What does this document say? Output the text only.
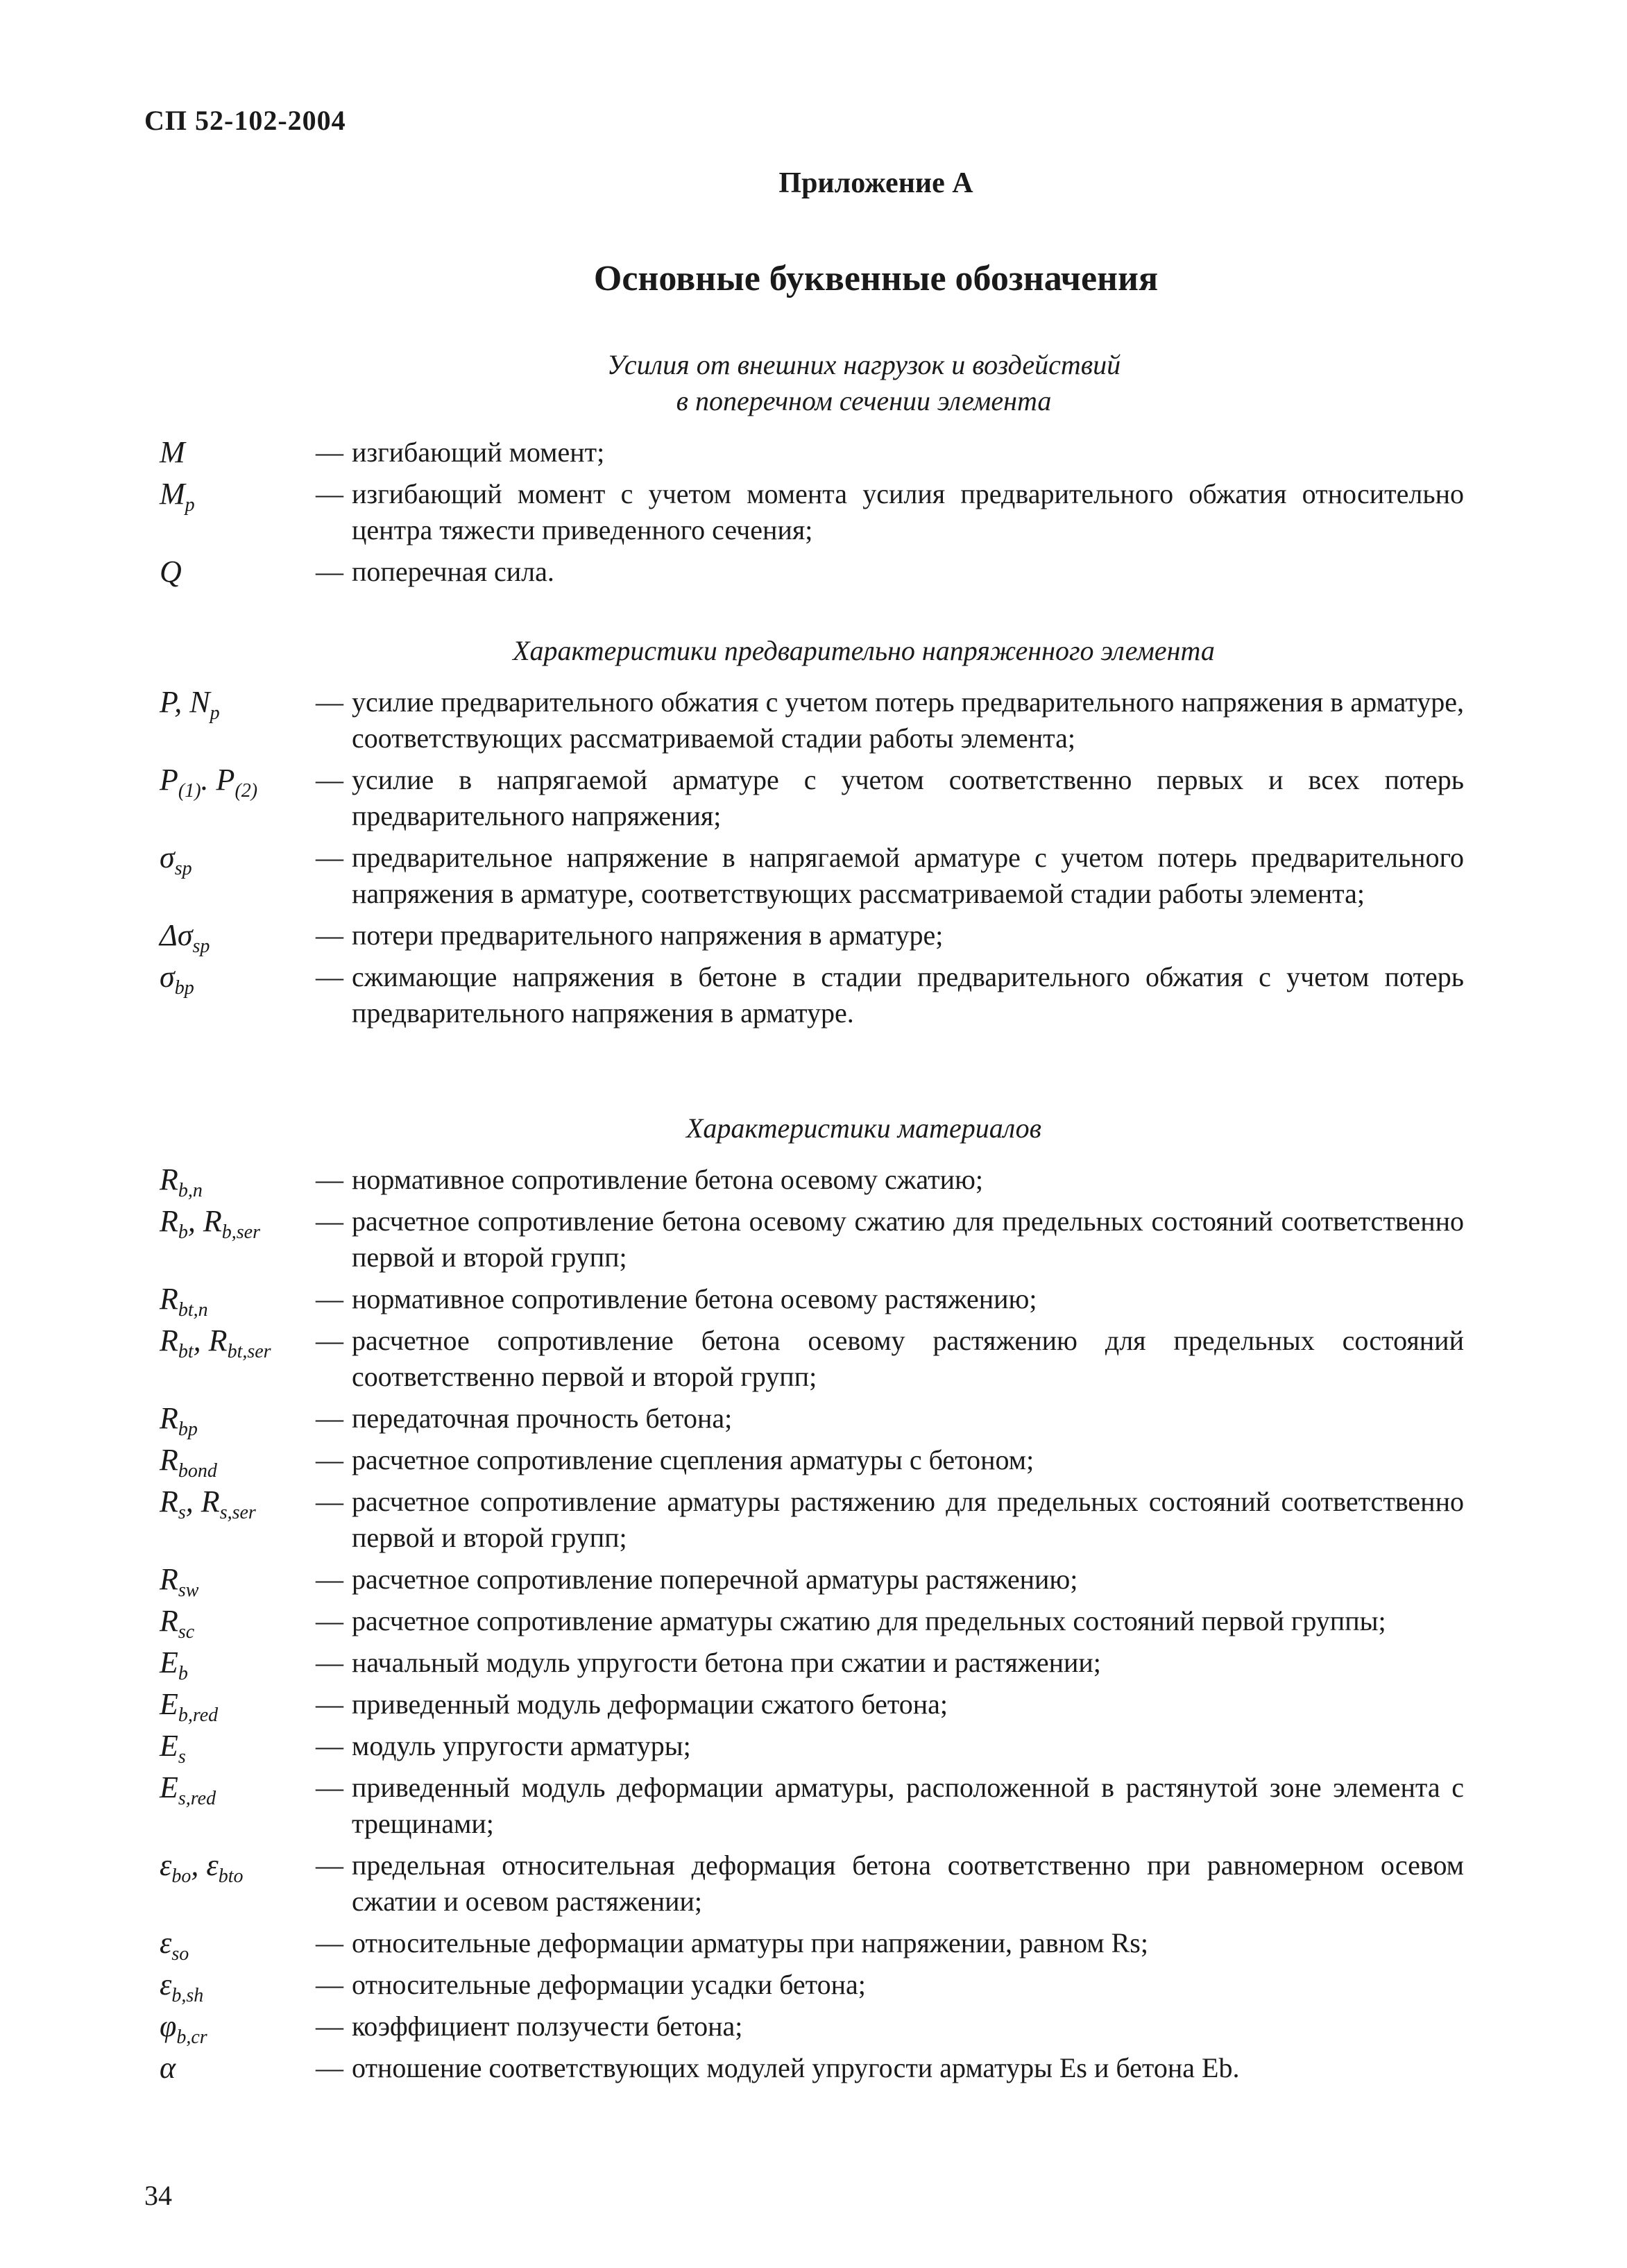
СП 52-102-2004
Приложение А
Основные буквенные обозначения
Усилия от внешних нагрузок и воздействий
в поперечном сечении элемента
M	— изгибающий момент;
$M_p$	— изгибающий момент с учетом момента усилия предварительного обжатия относительно центра тяжести приведенного сечения;
Q	— поперечная сила.
Характеристики предварительно напряженного элемента
P, $N_p$	— усилие предварительного обжатия с учетом потерь предварительного напряжения в арматуре, соответствующих рассматриваемой стадии работы элемента;
$P_{(1)}$. $P_{(2)}$	— усилие в напрягаемой арматуре с учетом соответственно первых и всех потерь предварительного напряжения;
$\sigma_{sp}$	— предварительное напряжение в напрягаемой арматуре с учетом потерь предварительного напряжения в арматуре, соответствующих рассматриваемой стадии работы элемента;
$\Delta\sigma_{sp}$	— потери предварительного напряжения в арматуре;
$\sigma_{bp}$	— сжимающие напряжения в бетоне в стадии предварительного обжатия с учетом потерь предварительного напряжения в арматуре.
Характеристики материалов
$R_{b,n}$	— нормативное сопротивление бетона осевому сжатию;
$R_b$, $R_{b,ser}$	— расчетное сопротивление бетона осевому сжатию для предельных состояний соответственно первой и второй групп;
$R_{bt,n}$	— нормативное сопротивление бетона осевому растяжению;
$R_{bt}$, $R_{bt,ser}$	— расчетное сопротивление бетона осевому растяжению для предельных состояний соответственно первой и второй групп;
$R_{bp}$	— передаточная прочность бетона;
$R_{bond}$	— расчетное сопротивление сцепления арматуры с бетоном;
$R_s$, $R_{s,ser}$	— расчетное сопротивление арматуры растяжению для предельных состояний соответственно первой и второй групп;
$R_{sw}$	— расчетное сопротивление поперечной арматуры растяжению;
$R_{sc}$	— расчетное сопротивление арматуры сжатию для предельных состояний первой группы;
$E_b$	— начальный модуль упругости бетона при сжатии и растяжении;
$E_{b,red}$	— приведенный модуль деформации сжатого бетона;
$E_s$	— модуль упругости арматуры;
$E_{s,red}$	— приведенный модуль деформации арматуры, расположенной в растянутой зоне элемента с трещинами;
$\varepsilon_{bo}$, $\varepsilon_{bto}$	— предельная относительная деформация бетона соответственно при равномерном осевом сжатии и осевом растяжении;
$\varepsilon_{so}$	— относительные деформации арматуры при напряжении, равном Rs;
$\varepsilon_{b,sh}$	— относительные деформации усадки бетона;
$\varphi_{b,cr}$	— коэффициент ползучести бетона;
α	— отношение соответствующих модулей упругости арматуры Es и бетона Eb.
34
